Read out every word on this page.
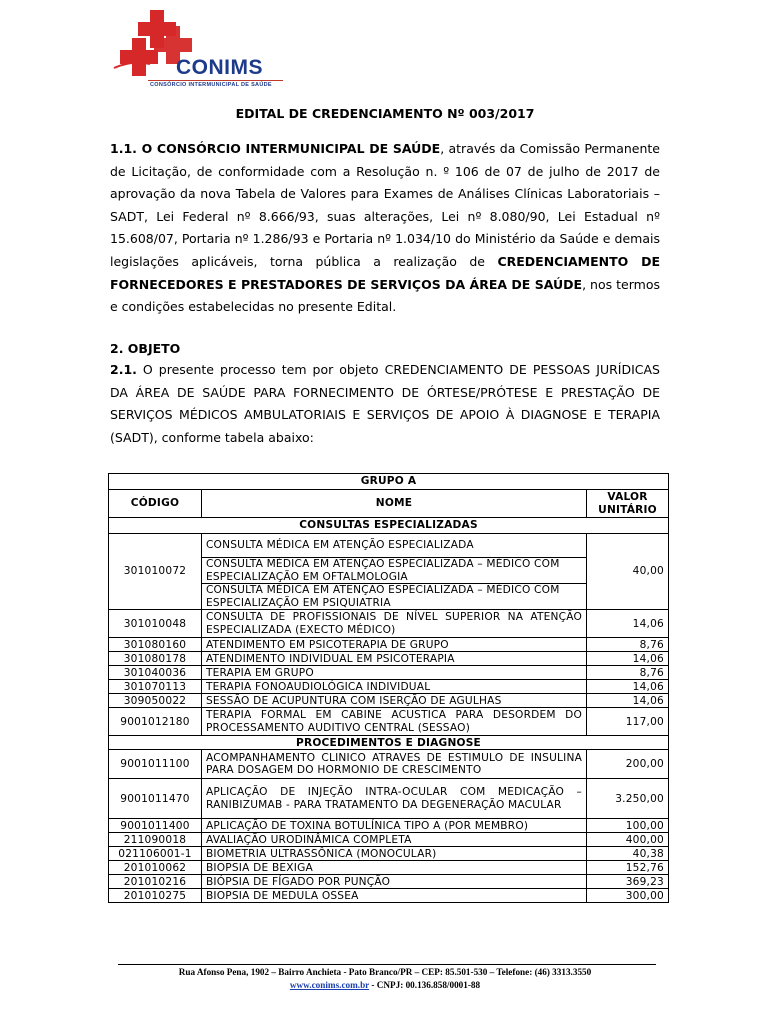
CONIMS
CONSÓRCIO INTERMUNICIPAL DE SAÚDE
EDITAL DE CREDENCIAMENTO Nº 003/2017
1.1. O CONSÓRCIO INTERMUNICIPAL DE SAÚDE, através da Comissão Permanente de Licitação, de conformidade com a Resolução n. º 106 de 07 de julho de 2017 de aprovação da nova Tabela de Valores para Exames de Análises Clínicas Laboratoriais – SADT, Lei Federal nº 8.666/93, suas alterações, Lei nº 8.080/90, Lei Estadual nº 15.608/07, Portaria nº 1.286/93 e Portaria nº 1.034/10 do Ministério da Saúde e demais legislações aplicáveis, torna pública a realização de CREDENCIAMENTO DE FORNECEDORES E PRESTADORES DE SERVIÇOS DA ÁREA DE SAÚDE, nos termos e condições estabelecidas no presente Edital.
2. OBJETO
2.1. O presente processo tem por objeto CREDENCIAMENTO DE PESSOAS JURÍDICAS DA ÁREA DE SAÚDE PARA FORNECIMENTO DE ÓRTESE/PRÓTESE E PRESTAÇÃO DE SERVIÇOS MÉDICOS AMBULATORIAIS E SERVIÇOS DE APOIO À DIAGNOSE E TERAPIA (SADT), conforme tabela abaixo:
GRUPO A		
CÓDIGO	NOME	VALOR UNITÁRIO
CONSULTAS ESPECIALIZADAS		
301010072	CONSULTA MÉDICA EM ATENÇÃO ESPECIALIZADA	40,00
	CONSULTA MÉDICA EM ATENÇÃO ESPECIALIZADA – MÉDICO COM ESPECIALIZAÇÃO EM OFTALMOLOGIA	
	CONSULTA MÉDICA EM ATENÇÃO ESPECIALIZADA – MÉDICO COM ESPECIALIZAÇÃO EM PSIQUIATRIA	
301010048	CONSULTA DE PROFISSIONAIS DE NÍVEL SUPERIOR NA ATENÇÃO ESPECIALIZADA (EXECTO MÉDICO)	14,06
301080160	ATENDIMENTO EM PSICOTERAPIA DE GRUPO	8,76
301080178	ATENDIMENTO INDIVIDUAL EM PSICOTERAPIA	14,06
301040036	TERAPIA EM GRUPO	8,76
301070113	TERAPIA FONOAUDIOLÓGICA INDIVIDUAL	14,06
309050022	SESSÃO DE ACUPUNTURA COM ISERÇÃO DE AGULHAS	14,06
9001012180	TERAPIA FORMAL EM CABINE ACUSTICA PARA DESORDEM DO PROCESSAMENTO AUDITIVO CENTRAL (SESSAO)	117,00
PROCEDIMENTOS E DIAGNOSE		
9001011100	ACOMPANHAMENTO CLINICO ATRAVES DE ESTIMULO DE INSULINA PARA DOSAGEM DO HORMONIO DE CRESCIMENTO	200,00
9001011470	APLICAÇÃO DE INJEÇÃO INTRA-OCULAR COM MEDICAÇÃO – RANIBIZUMAB - PARA TRATAMENTO DA DEGENERAÇÃO MACULAR	3.250,00
9001011400	APLICAÇÃO DE TOXINA BOTULÍNICA TIPO A (POR MEMBRO)	100,00
211090018	AVALIAÇÃO URODINÂMICA COMPLETA	400,00
021106001-1	BIOMETRIA ULTRASSÔNICA (MONOCULAR)	40,38
201010062	BIOPSIA DE BEXIGA	152,76
201010216	BIÓPSIA DE FÍGADO POR PUNÇÃO	369,23
201010275	BIOPSIA DE MEDULA OSSEA	300,00
Rua Afonso Pena, 1902 – Bairro Anchieta - Pato Branco/PR – CEP: 85.501-530 – Telefone: (46) 3313.3550
www.conims.com.br - CNPJ: 00.136.858/0001-88
